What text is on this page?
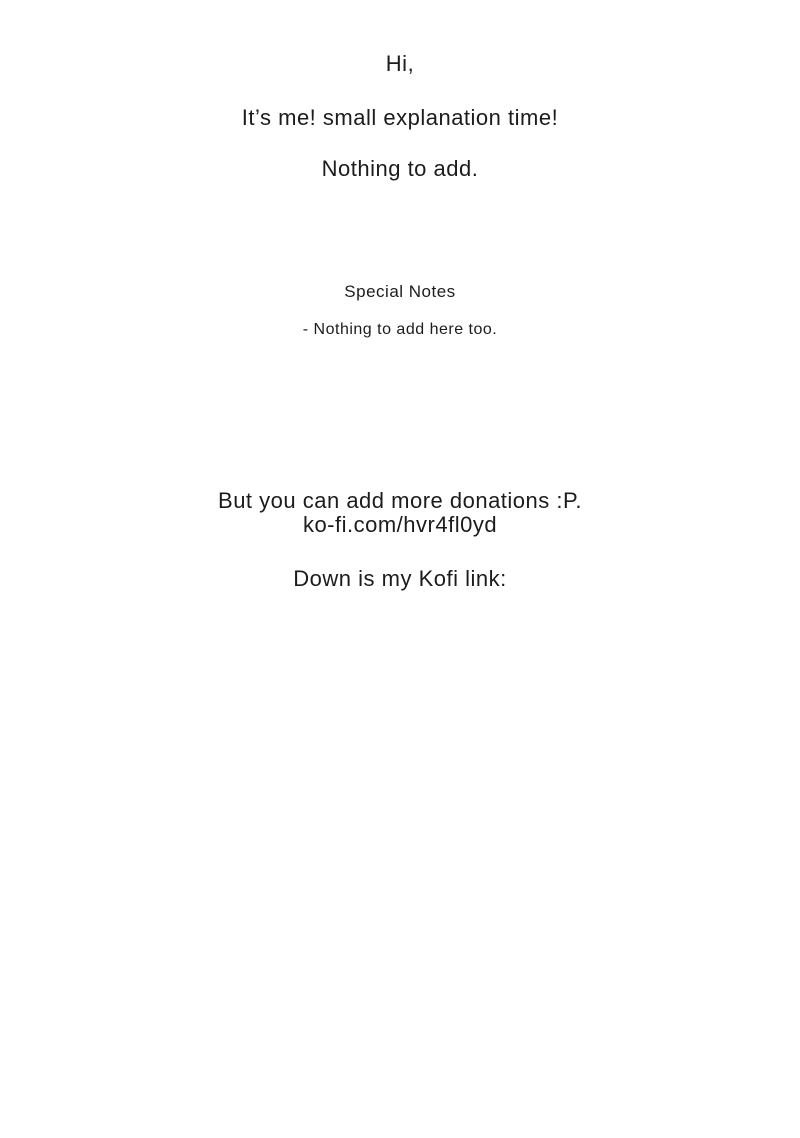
Hi,
It’s me! small explanation time!
Nothing to add.
Special Notes
- Nothing to add here too.

But you can add more donations :P.

Down is my Kofi link:

ko-fi.com/hvr4fl0yd
